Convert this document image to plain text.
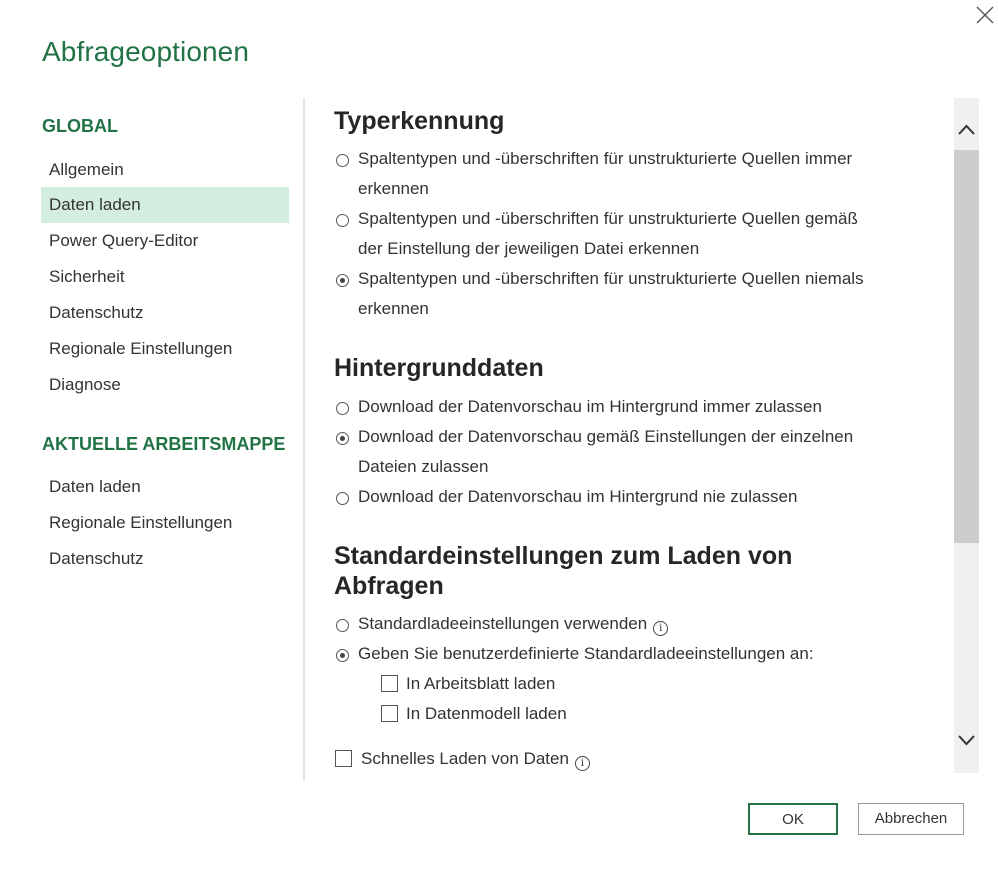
Abfrageoptionen
GLOBAL
Allgemein
Daten laden
Power Query-Editor
Sicherheit
Datenschutz
Regionale Einstellungen
Diagnose
AKTUELLE ARBEITSMAPPE
Daten laden
Regionale Einstellungen
Datenschutz
Typerkennung
Spaltentypen und -überschriften für unstrukturierte Quellen immer
erkennen
Spaltentypen und -überschriften für unstrukturierte Quellen gemäß
der Einstellung der jeweiligen Datei erkennen
Spaltentypen und -überschriften für unstrukturierte Quellen niemals
erkennen
Hintergrunddaten
Download der Datenvorschau im Hintergrund immer zulassen
Download der Datenvorschau gemäß Einstellungen der einzelnen
Dateien zulassen
Download der Datenvorschau im Hintergrund nie zulassen
Standardeinstellungen zum Laden von
Abfragen
Standardladeeinstellungen verwenden i
Geben Sie benutzerdefinierte Standardladeeinstellungen an:
In Arbeitsblatt laden
In Datenmodell laden
Schnelles Laden von Daten i
OK	Abbrechen
